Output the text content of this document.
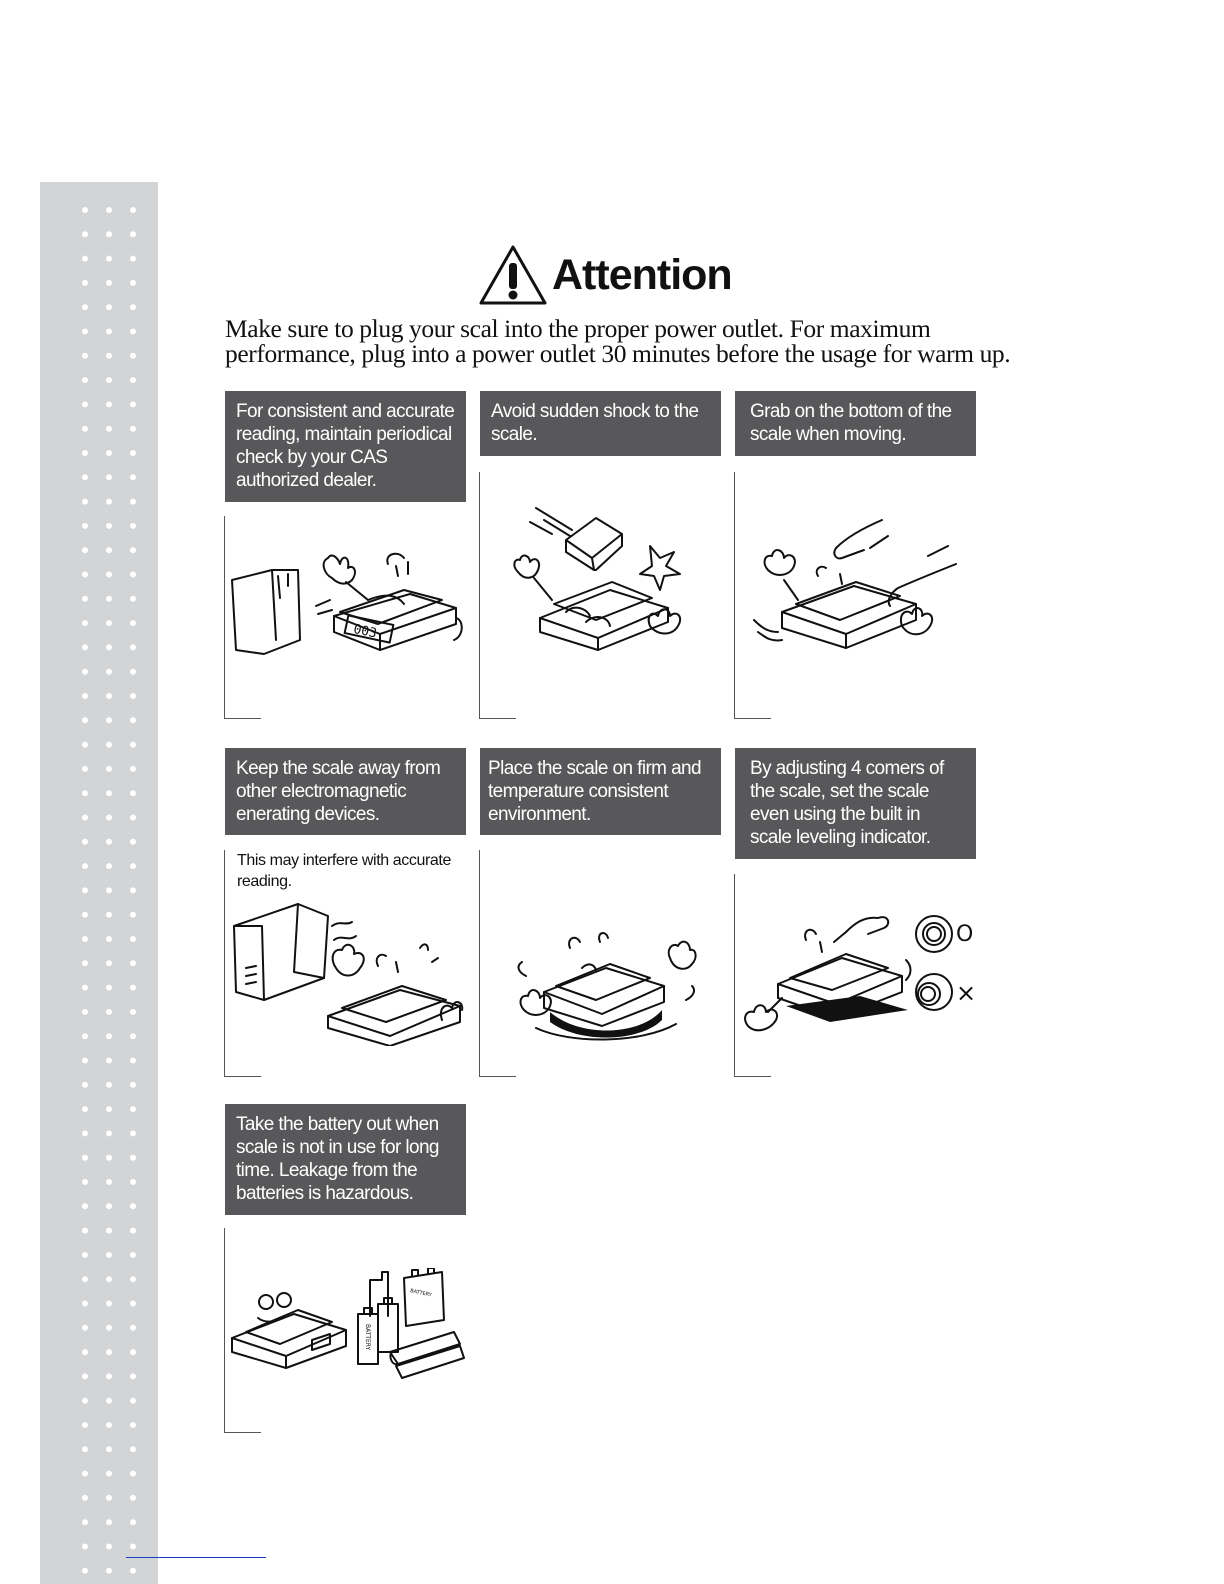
Attention
Make sure to plug your scal into the proper power outlet. For maximum
performance, plug into a power outlet 30 minutes before the usage for warm up.
For consistent and accurate reading, maintain periodical check by your CAS authorized dealer.
Avoid sudden shock to the scale.
Grab on the bottom of the scale when moving.
003
Keep the scale away from other electromagnetic enerating devices.
Place the scale on firm and temperature consistent environment.
By adjusting 4 comers of the scale, set the scale even using the built in scale leveling indicator.
This may interfere with accurate reading.
O
×
Take the battery out when scale is not in use for long time. Leakage from the batteries is hazardous.
BATTERY
BATTERY
